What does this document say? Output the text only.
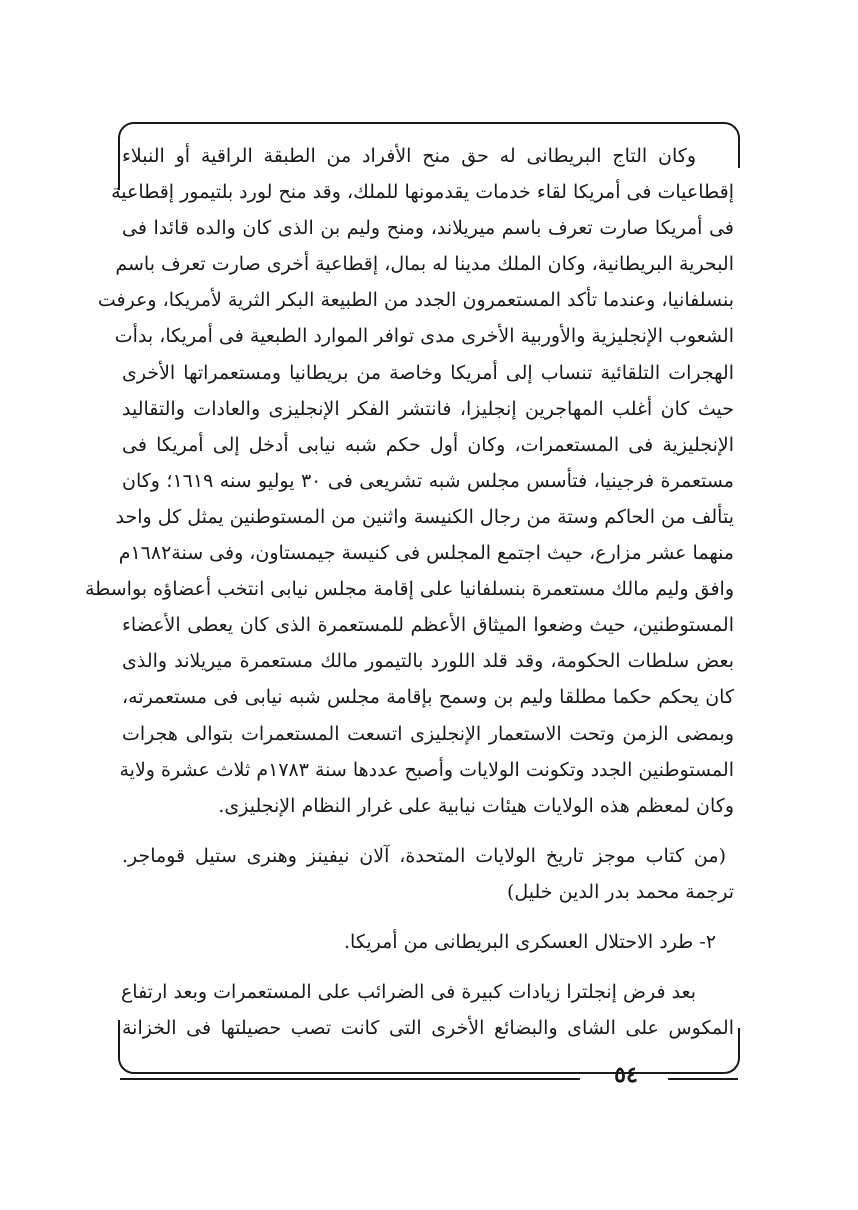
وكان التاج البريطانى له حق منح الأفراد من الطبقة الراقية أو النبلاء
إقطاعيات فى أمريكا لقاء خدمات يقدمونها للملك، وقد منح لورد بلتيمور إقطاعية
فى أمريكا صارت تعرف باسم ميريلاند، ومنح وليم بن الذى كان والده قائدا فى
البحرية البريطانية، وكان الملك مدينا له بمال، إقطاعية أخرى صارت تعرف باسم
بنسلفانيا، وعندما تأكد المستعمرون الجدد من الطبيعة البكر الثرية لأمريكا، وعرفت
الشعوب الإنجليزية والأوربية الأخرى مدى توافر الموارد الطبعية فى أمريكا، بدأت
الهجرات التلقائية تنساب إلى أمريكا وخاصة من بريطانيا ومستعمراتها الأخرى
حيث كان أغلب المهاجرين إنجليزا، فانتشر الفكر الإنجليزى والعادات والتقاليد
الإنجليزية فى المستعمرات، وكان أول حكم شبه نيابى أدخل إلى أمريكا فى
مستعمرة فرجينيا، فتأسس مجلس شبه تشريعى فى ٣٠ يوليو سنه ١٦١٩؛ وكان
يتألف من الحاكم وستة من رجال الكنيسة واثنين من المستوطنين يمثل كل واحد
منهما عشر مزارع، حيث اجتمع المجلس فى كنيسة جيمستاون، وفى سنة١٦٨٢م
وافق وليم مالك مستعمرة بنسلفانيا على إقامة مجلس نيابى انتخب أعضاؤه بواسطة
المستوطنين، حيث وضعوا الميثاق الأعظم للمستعمرة الذى كان يعطى الأعضاء
بعض سلطات الحكومة، وقد قلد اللورد بالتيمور مالك مستعمرة ميريلاند والذى
كان يحكم حكما مطلقا وليم بن وسمح بإقامة مجلس شبه نيابى فى مستعمرته،
وبمضى الزمن وتحت الاستعمار الإنجليزى اتسعت المستعمرات بتوالى هجرات
المستوطنين الجدد وتكونت الولايات وأصبح عددها سنة ١٧٨٣م ثلاث عشرة ولاية
وكان لمعظم هذه الولايات هيئات نيابية على غرار النظام الإنجليزى.
(من كتاب موجز تاريخ الولايات المتحدة، آلان نيفينز وهنرى ستيل قوماجر.
ترجمة محمد بدر الدين خليل)
٢- طرد الاحتلال العسكرى البريطانى من أمريكا.
بعد فرض إنجلترا زيادات كبيرة فى الضرائب على المستعمرات وبعد ارتفاع
المكوس على الشاى والبضائع الأخرى التى كانت تصب حصيلتها فى الخزانة
٥٤
